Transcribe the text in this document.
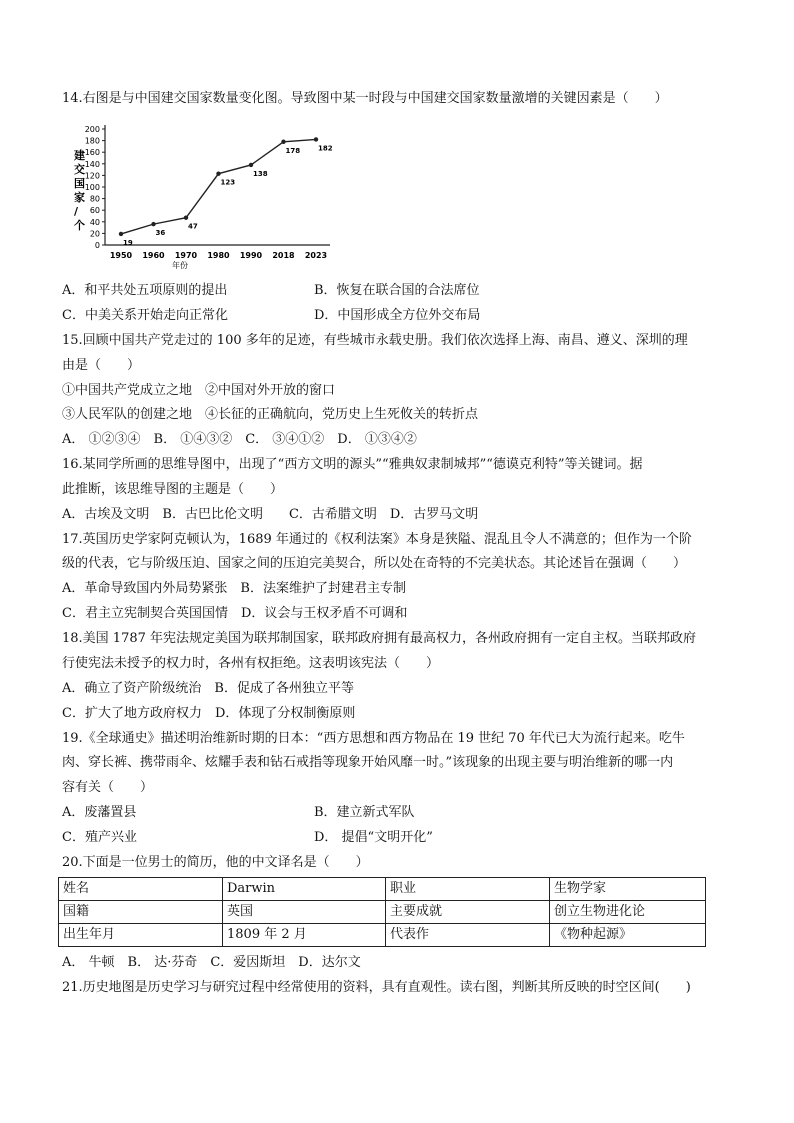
14.右图是与中国建交国家数量变化图。导致图中某一时段与中国建交国家数量激增的关键因素是（　　）
0
20
40
60
80
100
120
140
160
180
200
1950 1960 1970 1980 1990 2018 2023
建交国家/个
年份
19
36
47
123
138
178	182
A．和平共处五项原则的提出	B．恢复在联合国的合法席位
C．中美关系开始走向正常化	D．中国形成全方位外交布局
15.回顾中国共产党走过的 100 多年的足迹，有些城市永载史册。我们依次选择上海、南昌、遵义、深圳的理
由是（　　）
①中国共产党成立之地　②中国对外开放的窗口
③人民军队的创建之地　④长征的正确航向，党历史上生死攸关的转折点
A． ①②③④　B． ①④③②　C． ③④①②　D． ①③④②
16.某同学所画的思维导图中，出现了“西方文明的源头”“雅典奴隶制城邦”“德谟克利特”等关键词。据
此推断，该思维导图的主题是（　　）
A．古埃及文明　B．古巴比伦文明　　C．古希腊文明　D．古罗马文明
17.英国历史学家阿克顿认为，1689 年通过的《权利法案》本身是狭隘、混乱且令人不满意的；但作为一个阶
级的代表，它与阶级压迫、国家之间的压迫完美契合，所以处在奇特的不完美状态。其论述旨在强调（　　）
A．革命导致国内外局势紧张　B．法案维护了封建君主专制
C．君主立宪制契合英国国情　D．议会与王权矛盾不可调和
18.美国 1787 年宪法规定美国为联邦制国家，联邦政府拥有最高权力，各州政府拥有一定自主权。当联邦政府
行使宪法未授予的权力时，各州有权拒绝。这表明该宪法（　　）
A．确立了资产阶级统治　B．促成了各州独立平等
C．扩大了地方政府权力　D．体现了分权制衡原则
19.《全球通史》描述明治维新时期的日本：“西方思想和西方物品在 19 世纪 70 年代已大为流行起来。吃牛
肉、穿长裤、携带雨伞、炫耀手表和钻石戒指等现象开始风靡一时。”该现象的出现主要与明治维新的哪一内
容有关（　　）
A．废藩置县	B．建立新式军队
C．殖产兴业	D． 提倡“文明开化”
20.下面是一位男士的简历，他的中文译名是（　　）
姓名	Darwin	职业	生物学家
国籍	英国	主要成就	创立生物进化论
出生年月	1809 年 2 月	代表作	《物种起源》
A． 牛顿　B． 达·芬奇　C．爱因斯坦　D．达尔文
21.历史地图是历史学习与研究过程中经常使用的资料，具有直观性。读右图，判断其所反映的时空区间(　　)
